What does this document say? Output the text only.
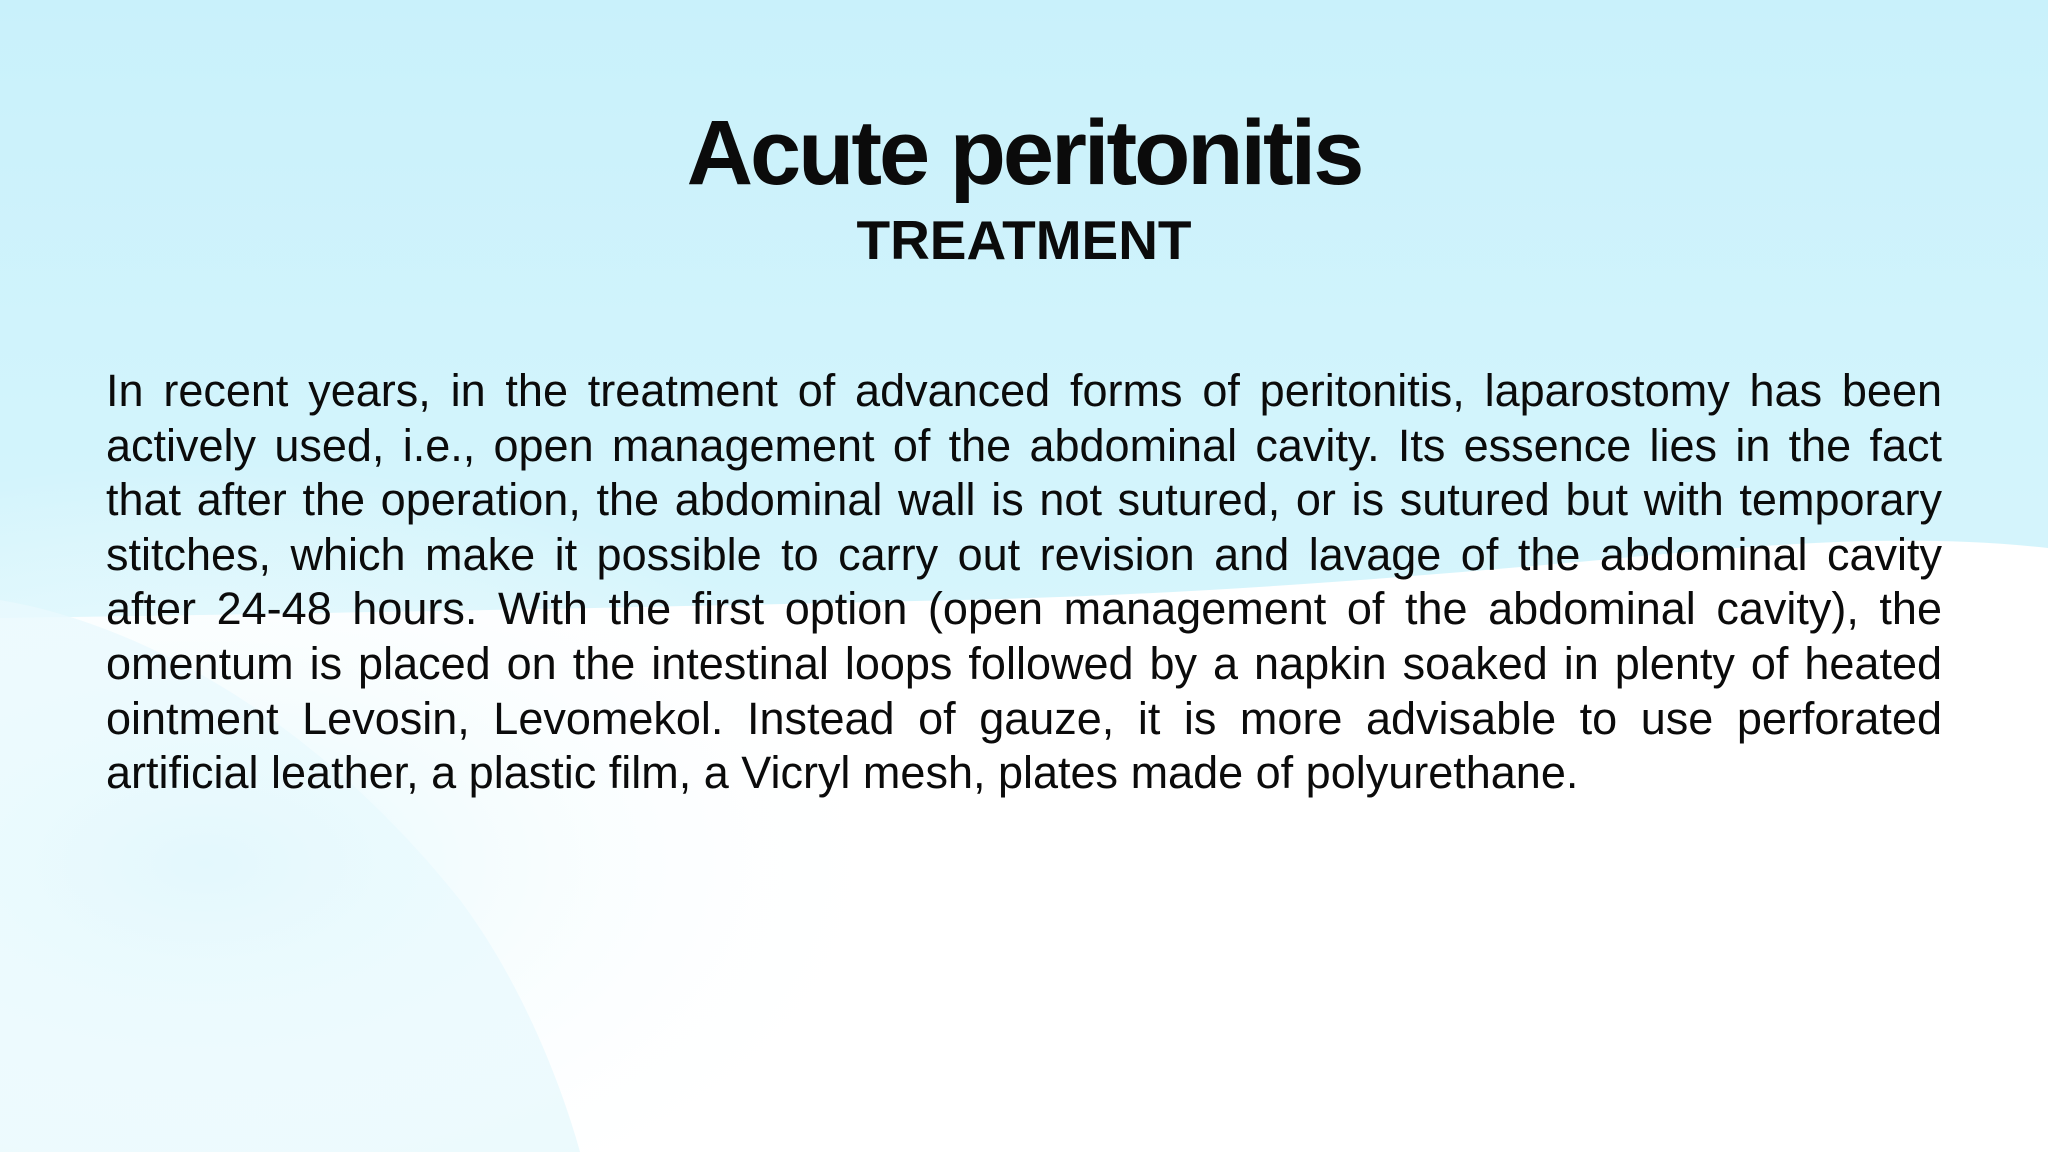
Acute peritonitis
TREATMENT

In recent years, in the treatment of advanced forms of peritonitis, laparostomy has been actively used, i.e., open management of the abdominal cavity. Its essence lies in the fact that after the operation, the abdominal wall is not sutured, or is sutured but with temporary stitches, which make it possible to carry out revision and lavage of the abdominal cavity after 24-48 hours. With the first option (open management of the abdominal cavity), the omentum is placed on the intestinal loops followed by a napkin soaked in plenty of heated ointment Levosin, Levomekol. Instead of gauze, it is more advisable to use perforated artificial leather, a plastic film, a Vicryl mesh, plates made of polyurethane.
